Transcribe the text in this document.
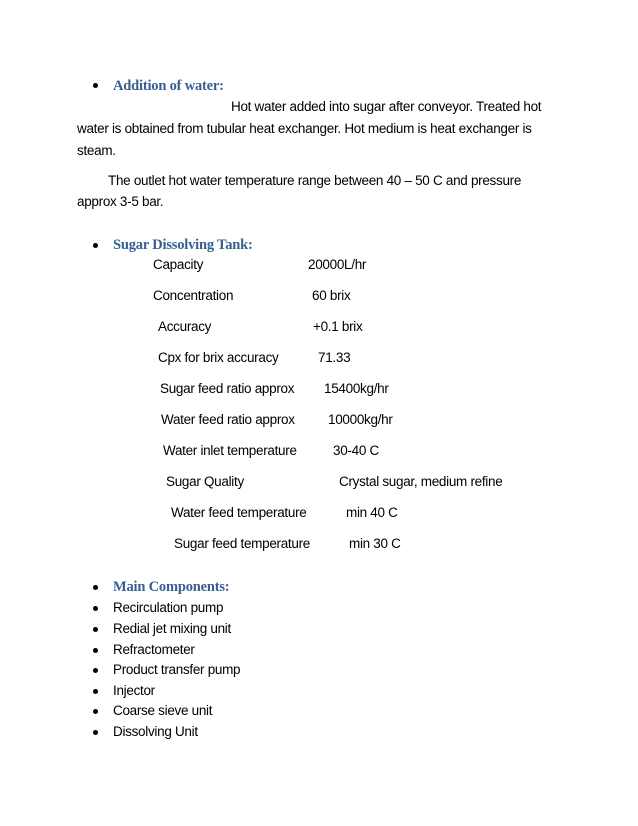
Addition of water:
Hot water added into sugar after conveyor. Treated hot
water is obtained from tubular heat exchanger. Hot medium is heat exchanger is
steam.
The outlet hot water temperature range between 40 – 50 C and pressure
approx 3-5 bar.
Sugar Dissolving Tank:
Capacity	20000L/hr
Concentration	60 brix
Accuracy	+0.1 brix
Cpx for brix accuracy	71.33
Sugar feed ratio approx 15400kg/hr
Water feed ratio approx 10000kg/hr
Water inlet temperature	30-40 C
Sugar Quality	Crystal sugar, medium refine
Water feed temperature	min 40 C
Sugar feed temperature	min 30 C
Main Components:
Recirculation pump
Redial jet mixing unit
Refractometer
Product transfer pump
Injector
Coarse sieve unit
Dissolving Unit
